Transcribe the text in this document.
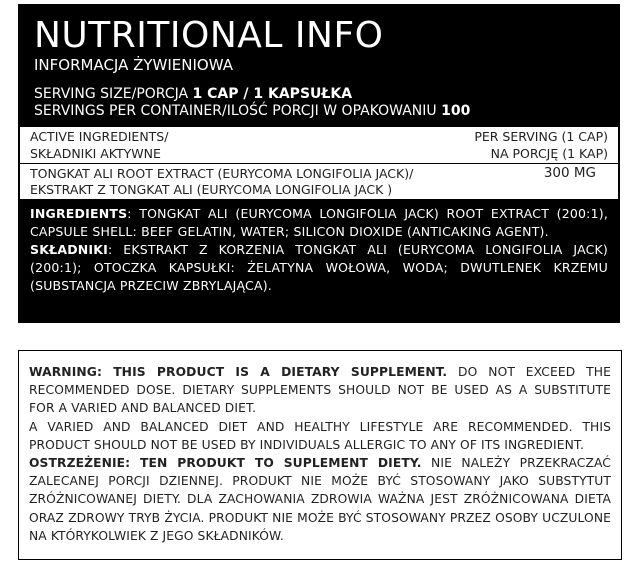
NUTRITIONAL INFO
INFORMACJA ŻYWIENIOWA
SERVING SIZE/PORCJA 1 CAP / 1 KAPSUŁKA
SERVINGS PER CONTAINER/ILOŚĆ PORCJI W OPAKOWANIU 100
ACTIVE INGREDIENTS/
SKŁADNIKI AKTYWNE
PER SERVING (1 CAP)
NA PORCJĘ (1 KAP)
TONGKAT ALI ROOT EXTRACT (EURYCOMA LONGIFOLIA JACK)/
EKSTRAKT Z TONGKAT ALI (EURYCOMA LONGIFOLIA JACK )
300 MG
INGREDIENTS: TONGKAT ALI (EURYCOMA LONGIFOLIA JACK) ROOT EXTRACT (200:1), CAPSULE SHELL: BEEF GELATIN, WATER; SILICON DIOXIDE (ANTICAKING AGENT).
SKŁADNIKI: EKSTRAKT Z KORZENIA TONGKAT ALI (EURYCOMA LONGIFOLIA JACK) (200:1); OTOCZKA KAPSUŁKI: ŻELATYNA WOŁOWA, WODA; DWUTLENEK KRZEMU (SUBSTANCJA PRZECIW ZBRYLAJĄCA).
WARNING: THIS PRODUCT IS A DIETARY SUPPLEMENT. DO NOT EXCEED THE RECOMMENDED DOSE. DIETARY SUPPLEMENTS SHOULD NOT BE USED AS A SUBSTITUTE FOR A VARIED AND BALANCED DIET.
A VARIED AND BALANCED DIET AND HEALTHY LIFESTYLE ARE RECOMMENDED. THIS PRODUCT SHOULD NOT BE USED BY INDIVIDUALS ALLERGIC TO ANY OF ITS INGREDIENT.
OSTRZEŻENIE: TEN PRODUKT TO SUPLEMENT DIETY. NIE NALEŻY PRZEKRACZAĆ ZALECANEJ PORCJI DZIENNEJ. PRODUKT NIE MOŻE BYĆ STOSOWANY JAKO SUBSTYTUT ZRÓŻNICOWANEJ DIETY. DLA ZACHOWANIA ZDROWIA WAŻNA JEST ZRÓŻNICOWANA DIETA ORAZ ZDROWY TRYB ŻYCIA. PRODUKT NIE MOŻE BYĆ STOSOWANY PRZEZ OSOBY UCZULONE NA KTÓRYKOLWIEK Z JEGO SKŁADNIKÓW.
